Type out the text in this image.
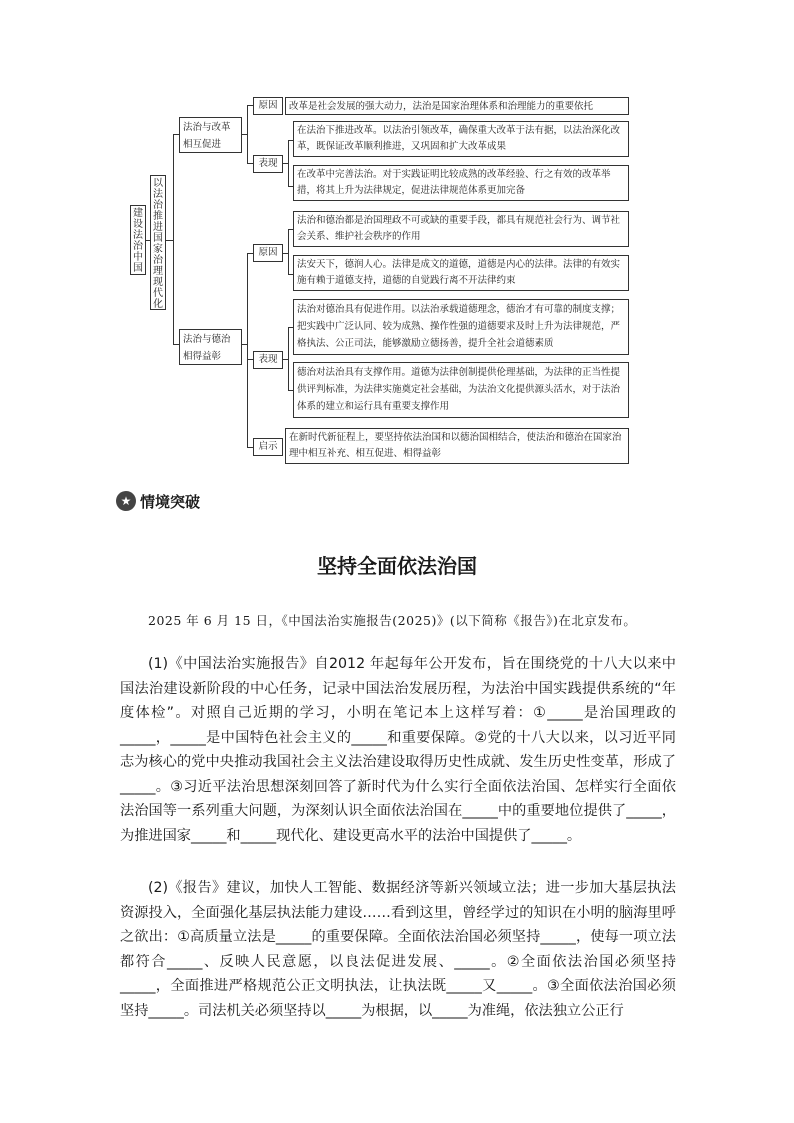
建设法治中国
以法治推进国家治理现代化
法治与改革相互促进
原因	改革是社会发展的强大动力，法治是国家治理体系和治理能力的重要依托
表现
在法治下推进改革。以法治引领改革，确保重大改革于法有据，以法治深化改革，既保证改革顺利推进，又巩固和扩大改革成果
在改革中完善法治。对于实践证明比较成熟的改革经验、行之有效的改革举措，将其上升为法律规定，促进法律规范体系更加完备
法治与德治相得益彰
原因
法治和德治都是治国理政不可或缺的重要手段，都具有规范社会行为、调节社会关系、维护社会秩序的作用
法安天下，德润人心。法律是成文的道德，道德是内心的法律。法律的有效实施有赖于道德支持，道德的自觉践行离不开法律约束
表现
法治对德治具有促进作用。以法治承载道德理念，德治才有可靠的制度支撑；把实践中广泛认同、较为成熟、操作性强的道德要求及时上升为法律规范，严格执法、公正司法，能够激励立德扬善，提升全社会道德素质
德治对法治具有支撑作用。道德为法律创制提供伦理基础，为法律的正当性提供评判标准，为法律实施奠定社会基础，为法治文化提供源头活水，对于法治体系的建立和运行具有重要支撑作用
启示
在新时代新征程上，要坚持依法治国和以德治国相结合，使法治和德治在国家治理中相互补充、相互促进、相得益彰
★ 情境突破
坚持全面依法治国
2025 年 6 月 15 日，《中国法治实施报告(2025)》(以下简称《报告》)在北京发布。
(1)《中国法治实施报告》自2012 年起每年公开发布，旨在围绕党的十八大以来中国法治建设新阶段的中心任务，记录中国法治发展历程，为法治中国实践提供系统的“年度体检”。对照自己近期的学习，小明在笔记本上这样写着：①_____是治国理政的_____，_____是中国特色社会主义的_____和重要保障。②党的十八大以来，以习近平同志为核心的党中央推动我国社会主义法治建设取得历史性成就、发生历史性变革，形成了_____。③习近平法治思想深刻回答了新时代为什么实行全面依法治国、怎样实行全面依法治国等一系列重大问题，为深刻认识全面依法治国在_____中的重要地位提供了_____，为推进国家_____和_____现代化、建设更高水平的法治中国提供了_____。
(2)《报告》建议，加快人工智能、数据经济等新兴领域立法；进一步加大基层执法资源投入，全面强化基层执法能力建设……看到这里，曾经学过的知识在小明的脑海里呼之欲出：①高质量立法是_____的重要保障。全面依法治国必须坚持_____，使每一项立法都符合_____、反映人民意愿，以良法促进发展、_____。②全面依法治国必须坚持_____，全面推进严格规范公正文明执法，让执法既_____又_____。③全面依法治国必须坚持_____。司法机关必须坚持以_____为根据，以_____为准绳，依法独立公正行
